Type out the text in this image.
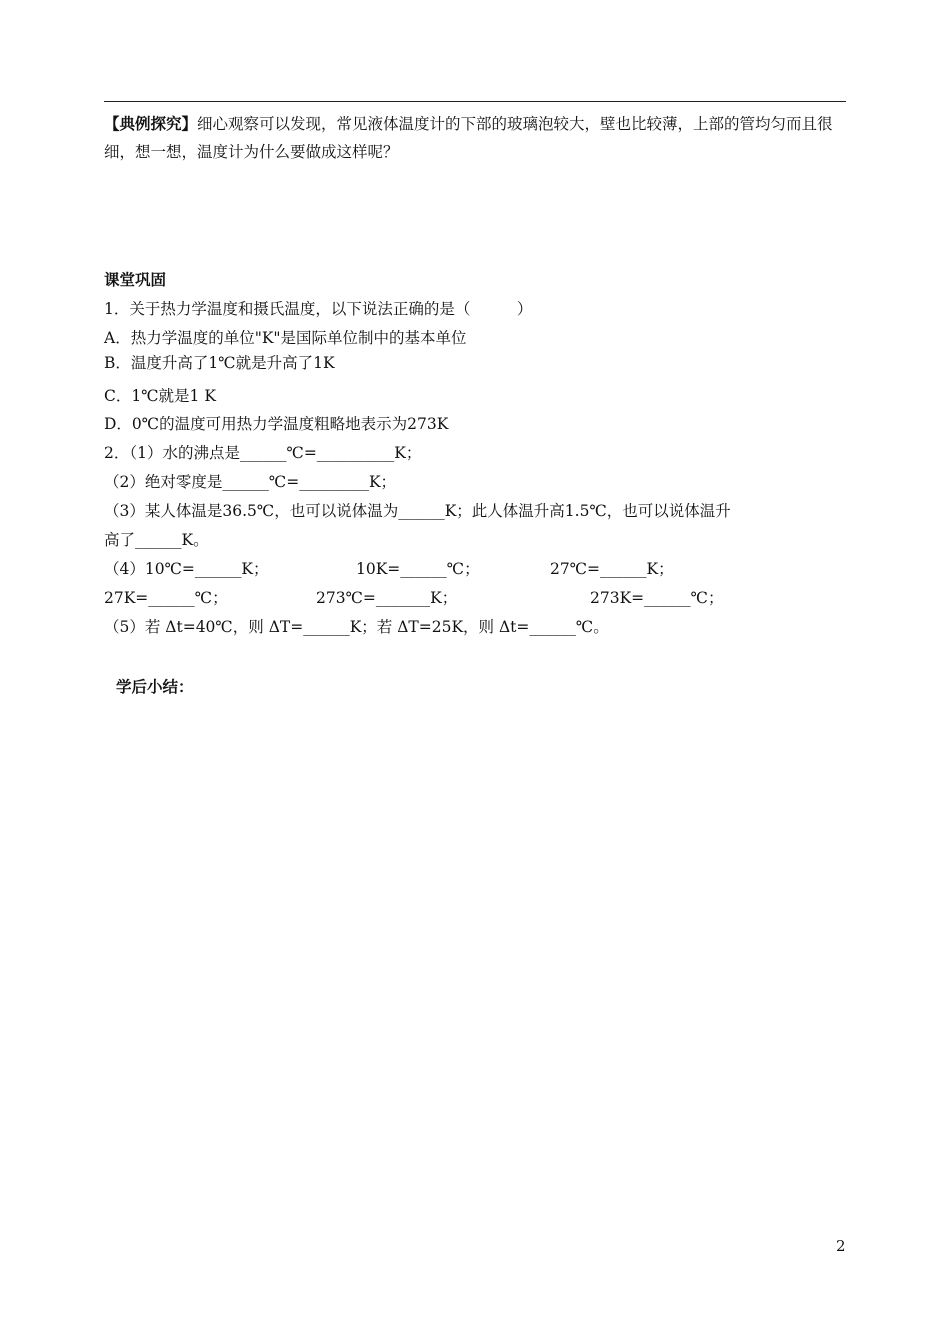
【典例探究】细心观察可以发现，常见液体温度计的下部的玻璃泡较大，壁也比较薄，上部的管均匀而且很细，想一想，温度计为什么要做成这样呢？
课堂巩固
1．关于热力学温度和摄氏温度，以下说法正确的是（　　　）
A．热力学温度的单位"K"是国际单位制中的基本单位
B．温度升高了1℃就是升高了1K
C．1℃就是1 K
D．0℃的温度可用热力学温度粗略地表示为273K
2．（1）水的沸点是______℃=__________K；
（2）绝对零度是______℃=_________K；
（3）某人体温是36.5℃，也可以说体温为______K；此人体温升高1.5℃，也可以说体温升
高了______K。
（4）10℃=______K；	10K=______℃；	27℃=______K；
27K=______℃；	273℃=_______K；	273K=______℃；
（5）若 Δt=40℃，则 ΔT=______K；若 ΔT=25K，则 Δt=______℃。
学后小结：
2
